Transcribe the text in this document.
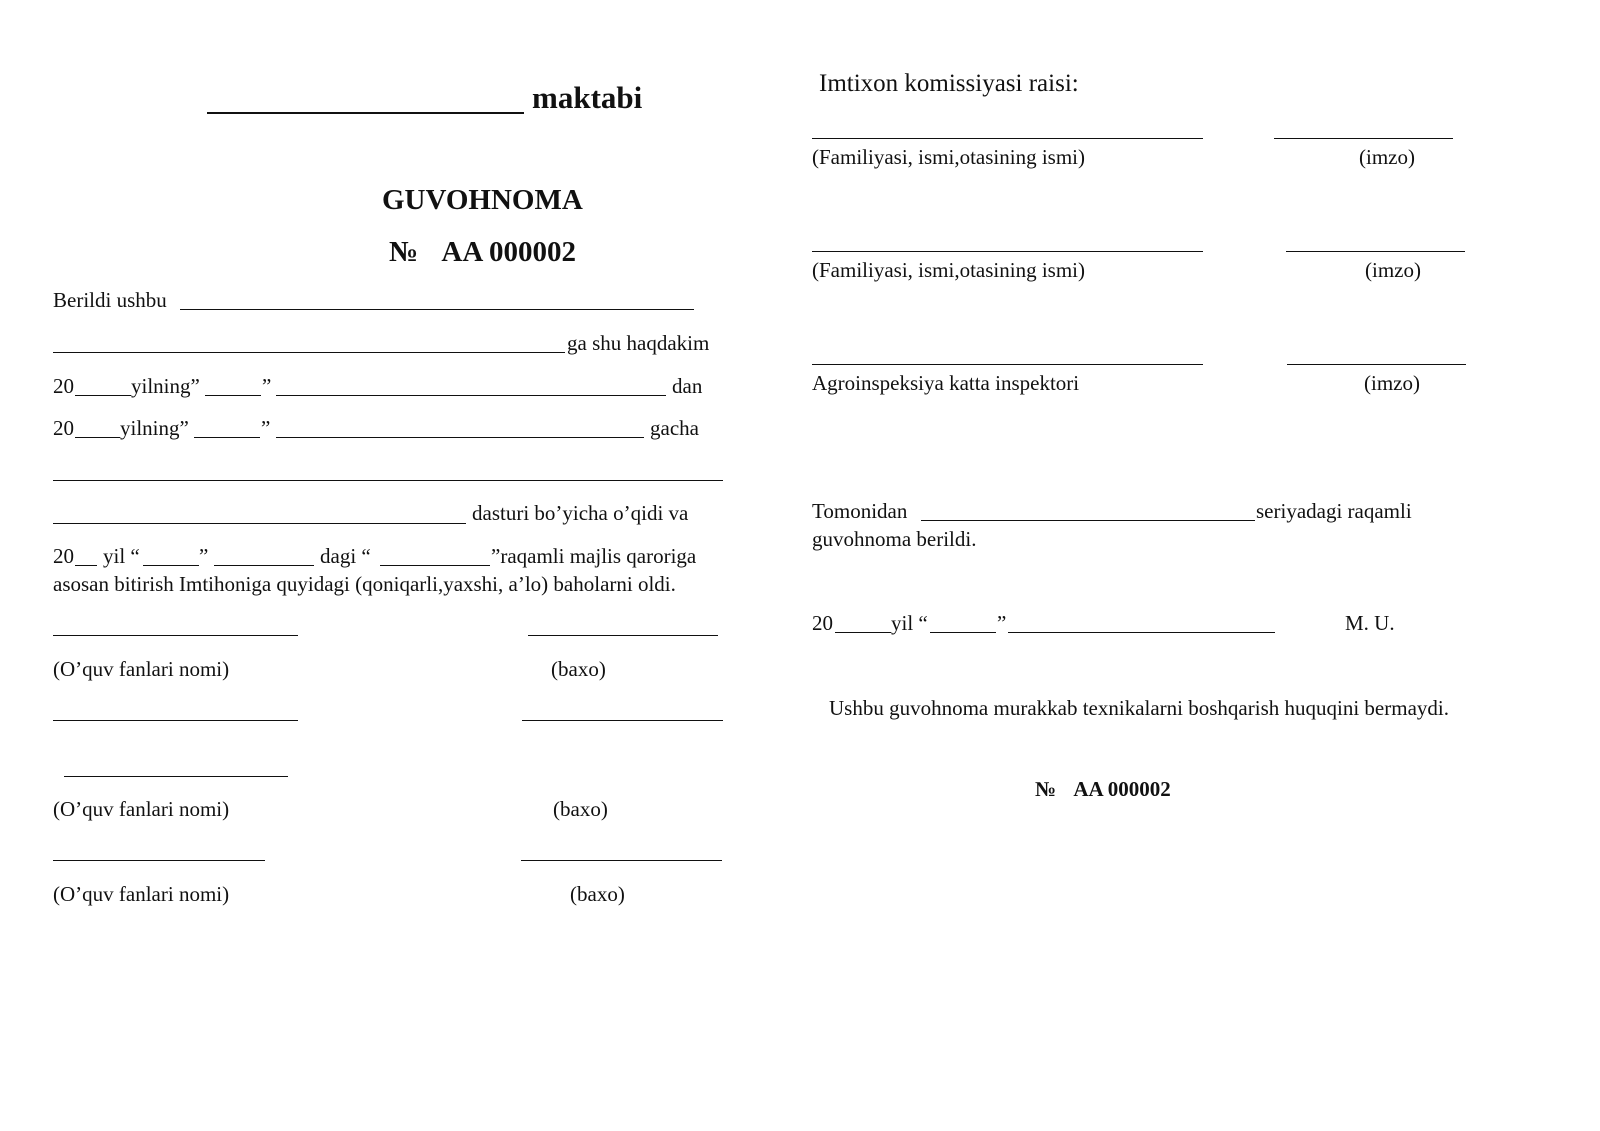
maktabi
GUVOHNOMA
№ AA 000002
Berildi ushbu
ga shu haqdakim
20	yilning”	”	dan
20 yilning”	”	gacha
dasturi bo’yicha o’qidi va
20 yil “	”	dagi “	”raqamli majlis qaroriga
asosan bitirish Imtihoniga quyidagi (qoniqarli,yaxshi, a’lo) baholarni oldi.
(O’quv fanlari nomi)	(baxo)
(O’quv fanlari nomi)	(baxo)
(O’quv fanlari nomi)	(baxo)
Imtixon komissiyasi raisi:
(Familiyasi, ismi,otasining ismi)	(imzo)
(Familiyasi, ismi,otasining ismi)	(imzo)
Agroinspeksiya katta inspektori	(imzo)
Tomonidan	seriyadagi raqamli
guvohnoma berildi.
20	yil “	”	M. U.
Ushbu guvohnoma murakkab texnikalarni boshqarish huquqini bermaydi.
№ AA 000002
